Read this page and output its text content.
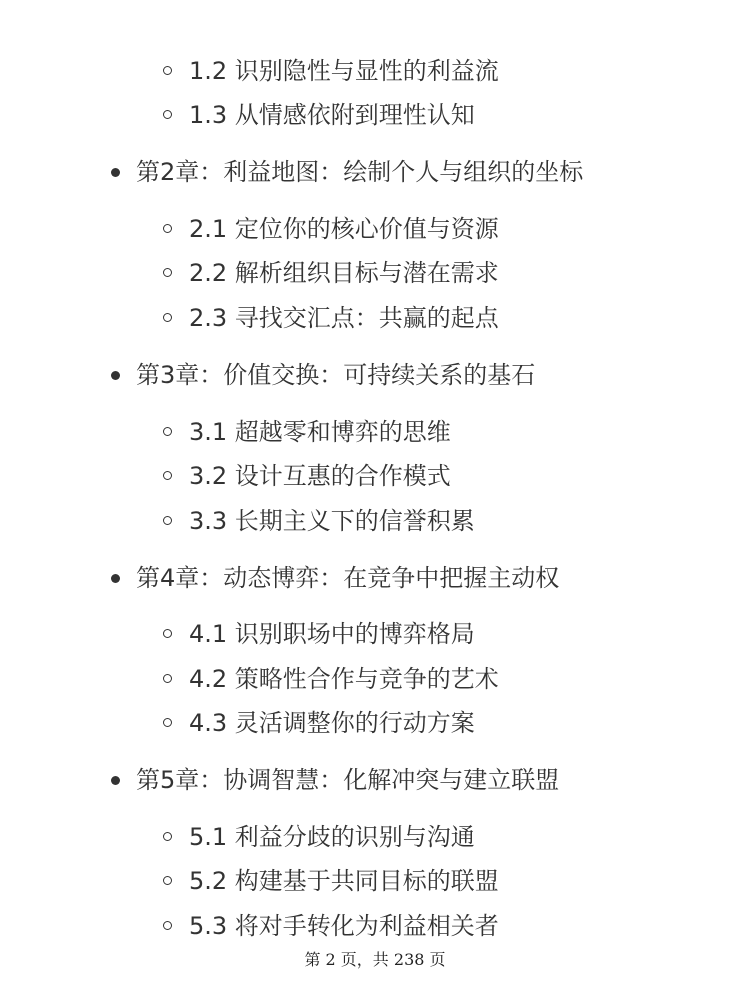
1.2 识别隐性与显性的利益流
1.3 从情感依附到理性认知
第2章：利益地图：绘制个人与组织的坐标
2.1 定位你的核心价值与资源
2.2 解析组织目标与潜在需求
2.3 寻找交汇点：共赢的起点
第3章：价值交换：可持续关系的基石
3.1 超越零和博弈的思维
3.2 设计互惠的合作模式
3.3 长期主义下的信誉积累
第4章：动态博弈：在竞争中把握主动权
4.1 识别职场中的博弈格局
4.2 策略性合作与竞争的艺术
4.3 灵活调整你的行动方案
第5章：协调智慧：化解冲突与建立联盟
5.1 利益分歧的识别与沟通
5.2 构建基于共同目标的联盟
5.3 将对手转化为利益相关者
第 2 页，共 238 页
